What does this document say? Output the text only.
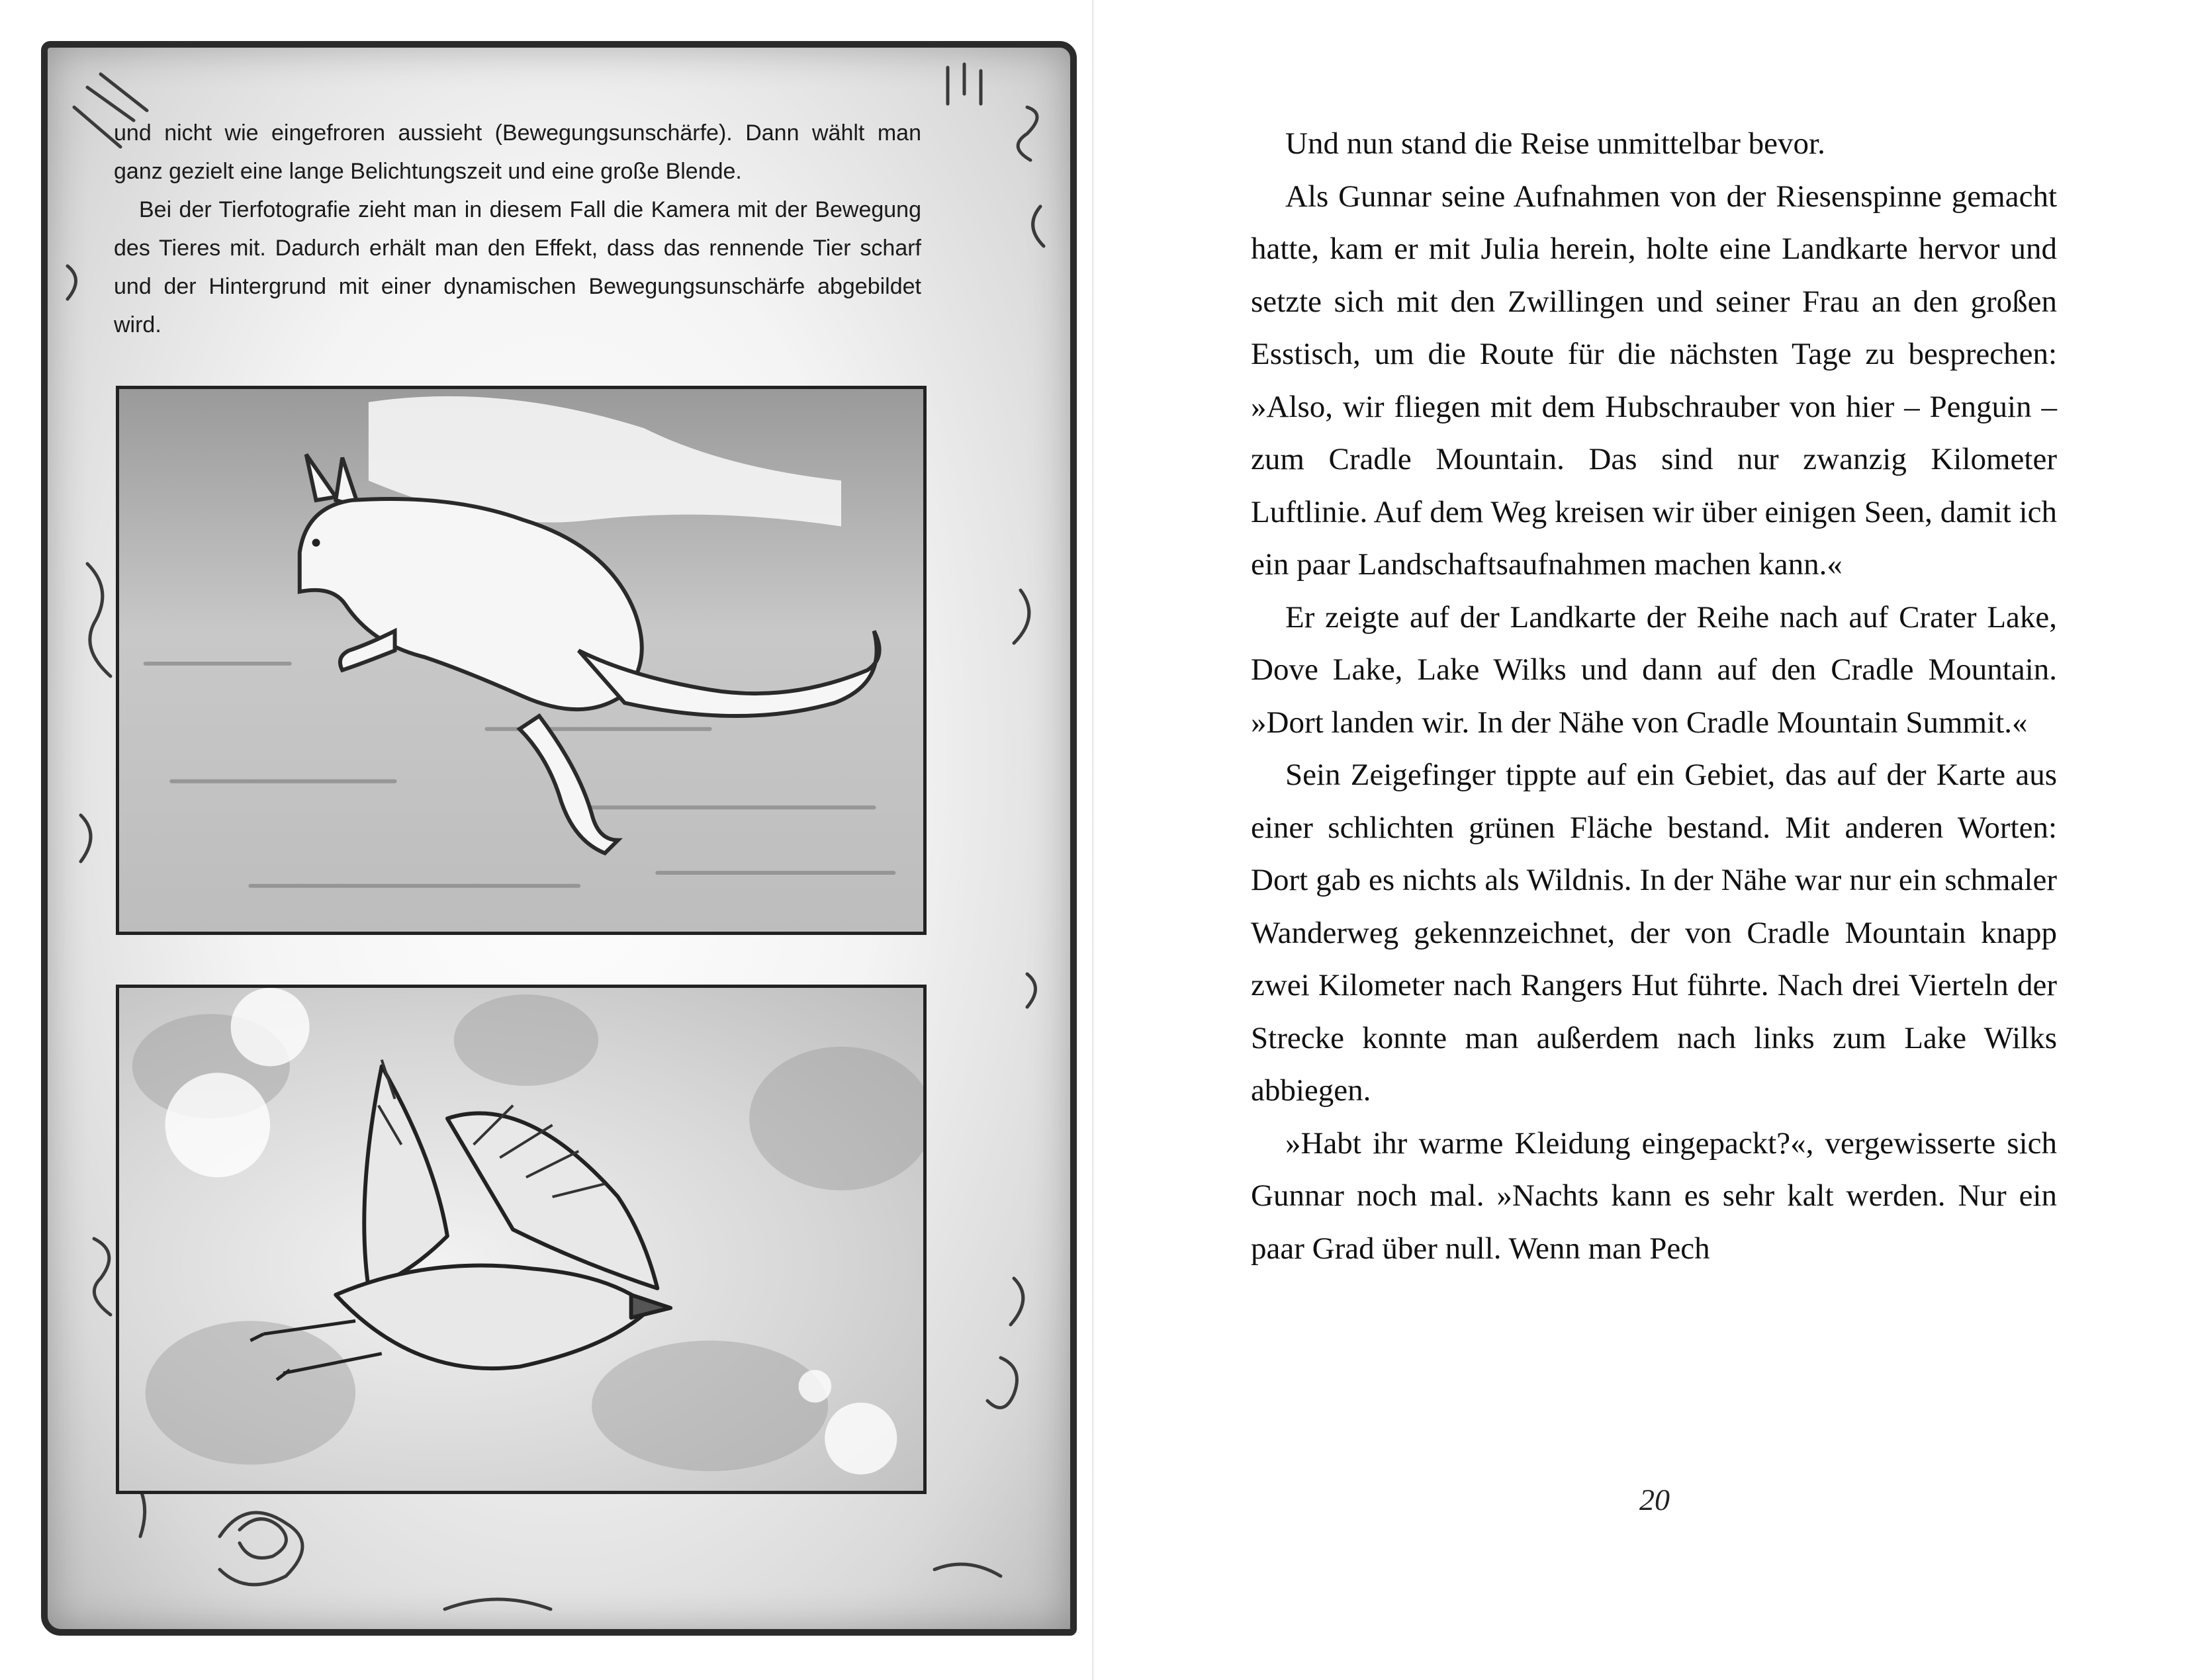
und nicht wie eingefroren aussieht (Bewegungsunschärfe). Dann wählt man ganz gezielt eine lange Belichtungszeit und eine große Blende.

Bei der Tierfotografie zieht man in diesem Fall die Kamera mit der Bewegung des Tieres mit. Dadurch erhält man den Effekt, dass das rennende Tier scharf und der Hintergrund mit einer dynamischen Bewegungsunschärfe abgebildet wird.

Und nun stand die Reise unmittelbar bevor.

Als Gunnar seine Aufnahmen von der Riesenspinne gemacht hatte, kam er mit Julia herein, holte eine Landkarte hervor und setzte sich mit den Zwillingen und seiner Frau an den großen Esstisch, um die Route für die nächsten Tage zu besprechen: »Also, wir fliegen mit dem Hubschrauber von hier – Penguin – zum Cradle Mountain. Das sind nur zwanzig Kilometer Luftlinie. Auf dem Weg kreisen wir über einigen Seen, damit ich ein paar Landschaftsaufnahmen machen kann.«

Er zeigte auf der Landkarte der Reihe nach auf Crater Lake, Dove Lake, Lake Wilks und dann auf den Cradle Mountain. »Dort landen wir. In der Nähe von Cradle Mountain Summit.«

Sein Zeigefinger tippte auf ein Gebiet, das auf der Karte aus einer schlichten grünen Fläche bestand. Mit anderen Worten: Dort gab es nichts als Wildnis. In der Nähe war nur ein schmaler Wanderweg gekennzeichnet, der von Cradle Mountain knapp zwei Kilometer nach Rangers Hut führte. Nach drei Vierteln der Strecke konnte man außerdem nach links zum Lake Wilks abbiegen.

»Habt ihr warme Kleidung eingepackt?«, vergewisserte sich Gunnar noch mal. »Nachts kann es sehr kalt werden. Nur ein paar Grad über null. Wenn man Pech

20
